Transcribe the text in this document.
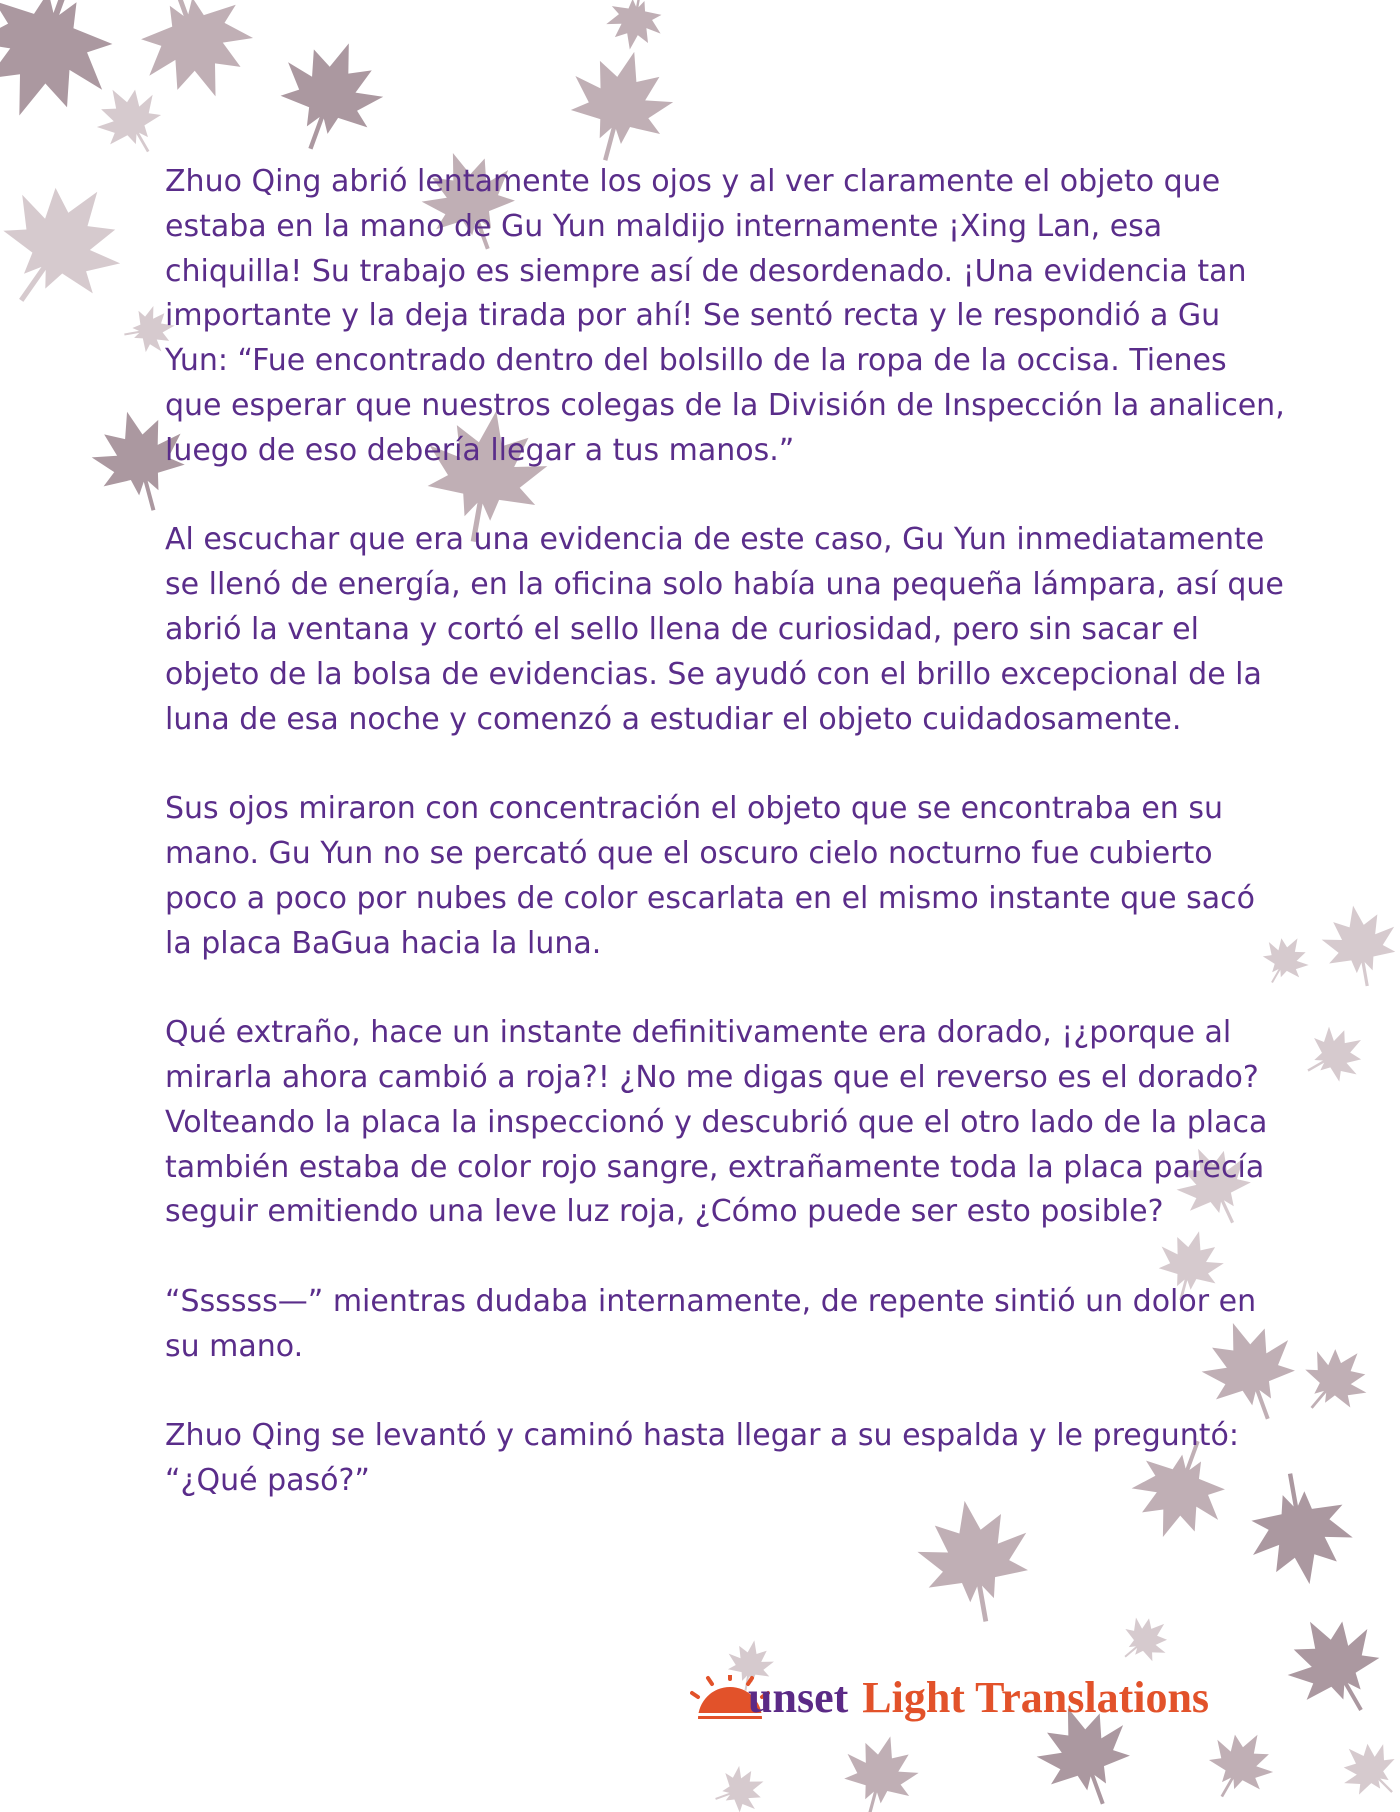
Zhuo Qing abrió lentamente los ojos y al ver claramente el objeto que estaba en la mano de Gu Yun maldijo internamente ¡Xing Lan, esa chiquilla! Su trabajo es siempre así de desordenado. ¡Una evidencia tan importante y la deja tirada por ahí! Se sentó recta y le respondió a Gu Yun: “Fue encontrado dentro del bolsillo de la ropa de la occisa. Tienes que esperar que nuestros colegas de la División de Inspección la analicen, luego de eso debería llegar a tus manos.”

Al escuchar que era una evidencia de este caso, Gu Yun inmediatamente se llenó de energía, en la oficina solo había una pequeña lámpara, así que abrió la ventana y cortó el sello llena de curiosidad, pero sin sacar el objeto de la bolsa de evidencias. Se ayudó con el brillo excepcional de la luna de esa noche y comenzó a estudiar el objeto cuidadosamente.

Sus ojos miraron con concentración el objeto que se encontraba en su mano. Gu Yun no se percató que el oscuro cielo nocturno fue cubierto poco a poco por nubes de color escarlata en el mismo instante que sacó la placa BaGua hacia la luna.

Qué extraño, hace un instante definitivamente era dorado, ¡¿porque al mirarla ahora cambió a roja?! ¿No me digas que el reverso es el dorado? Volteando la placa la inspeccionó y descubrió que el otro lado de la placa también estaba de color rojo sangre, extrañamente toda la placa parecía seguir emitiendo una leve luz roja, ¿Cómo puede ser esto posible?

“Ssssss—” mientras dudaba internamente, de repente sintió un dolor en su mano.

Zhuo Qing se levantó y caminó hasta llegar a su espalda y le preguntó: “¿Qué pasó?”

unset Light Translations
